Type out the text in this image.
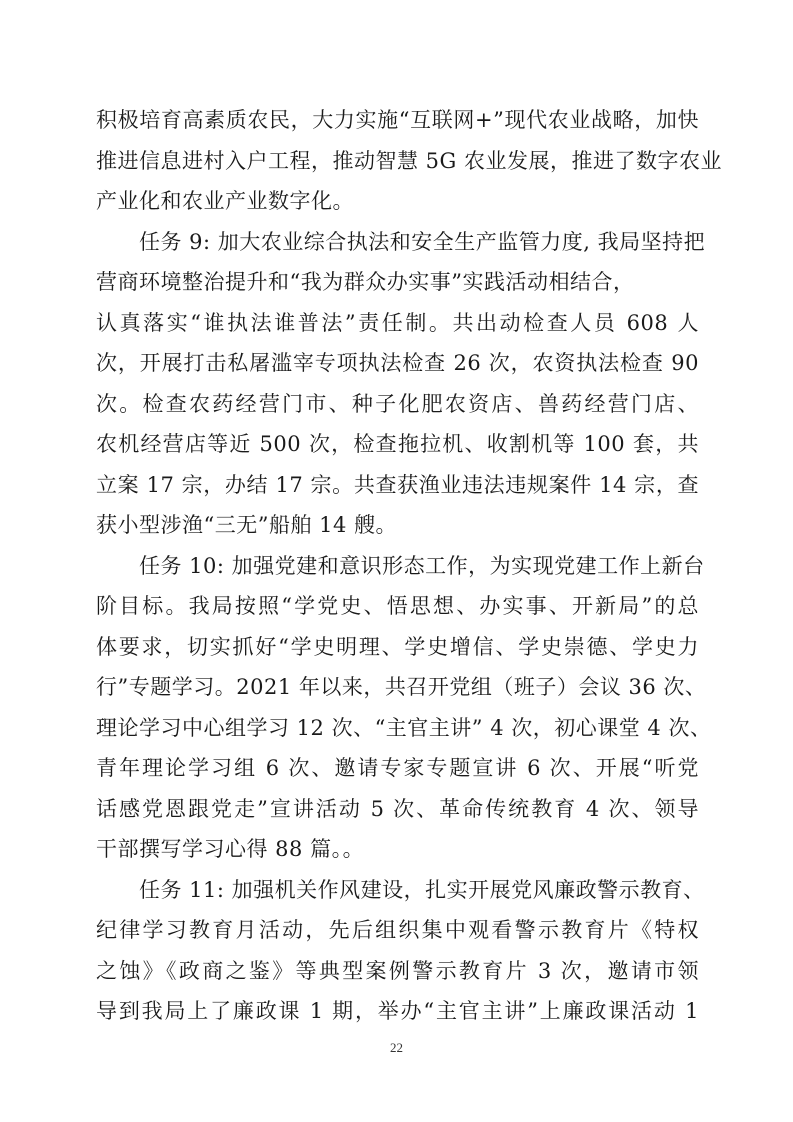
积极培育高素质农民，大力实施“互联网+”现代农业战略，加快
推进信息进村入户工程，推动智慧 5G 农业发展，推进了数字农业
产业化和农业产业数字化。
　　任务 9: 加大农业综合执法和安全生产监管力度, 我局坚持把
营商环境整治提升和“我为群众办实事”实践活动相结合，
认真落实“谁执法谁普法”责任制。共出动检查人员 608 人
次，开展打击私屠滥宰专项执法检查 26 次，农资执法检查 90
次。检查农药经营门市、种子化肥农资店、兽药经营门店、
农机经营店等近 500 次，检查拖拉机、收割机等 100 套，共
立案 17 宗，办结 17 宗。共查获渔业违法违规案件 14 宗，查
获小型涉渔“三无”船舶 14 艘。
　　任务 10: 加强党建和意识形态工作，为实现党建工作上新台
阶目标。我局按照“学党史、悟思想、办实事、开新局”的总
体要求，切实抓好“学史明理、学史增信、学史崇德、学史力
行”专题学习。2021 年以来，共召开党组（班子）会议 36 次、
理论学习中心组学习 12 次、“主官主讲” 4 次，初心课堂 4 次、
青年理论学习组 6 次、邀请专家专题宣讲 6 次、开展“听党
话感党恩跟党走”宣讲活动 5 次、革命传统教育 4 次、领导
干部撰写学习心得 88 篇。。
　　任务 11: 加强机关作风建设，扎实开展党风廉政警示教育、
纪律学习教育月活动，先后组织集中观看警示教育片《特权
之蚀》《政商之鉴》等典型案例警示教育片 3 次，邀请市领
导到我局上了廉政课 1 期，举办“主官主讲”上廉政课活动 1
22
